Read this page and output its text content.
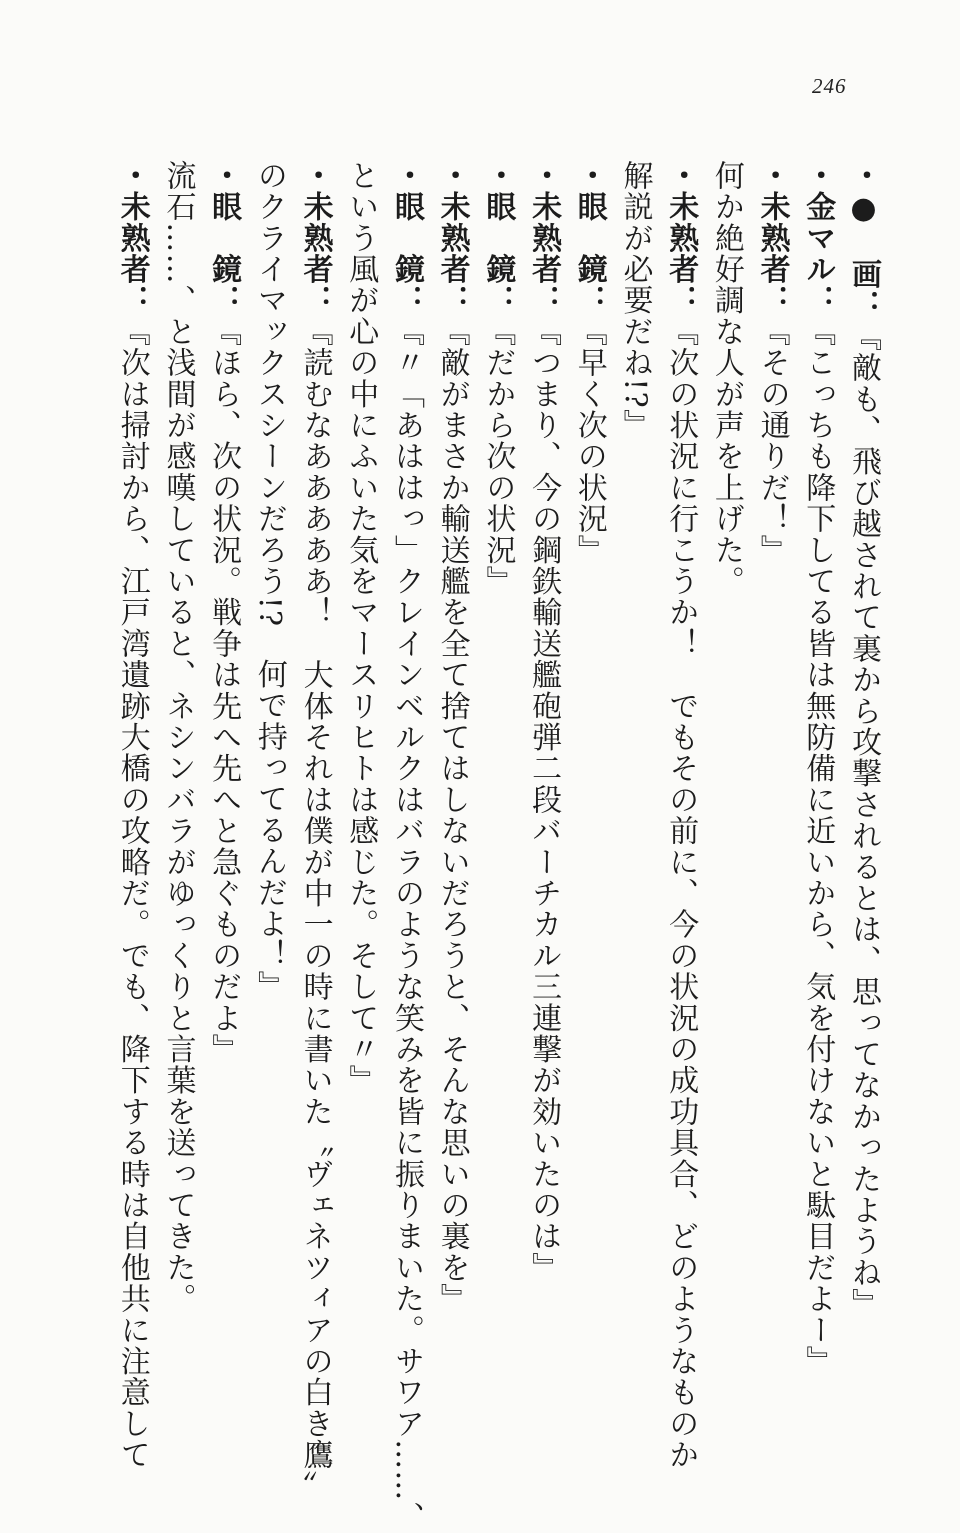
246
・●　画：『敵も、飛び越されて裏から攻撃されるとは、思ってなかったようね』
・金マル：『こっちも降下してる皆は無防備に近いから、気を付けないと駄目だよー』
・未熟者：『その通りだ！』
何か絶好調な人が声を上げた。
・未熟者：『次の状況に行こうか！　でもその前に、今の状況の成功具合、どのようなものか
解説が必要だね!?』
・眼　鏡：『早く次の状況』
・未熟者：『つまり、今の鋼鉄輸送艦砲弾二段バーチカル三連撃が効いたのは』
・眼　鏡：『だから次の状況』
・未熟者：『敵がまさか輸送艦を全て捨てはしないだろうと、そんな思いの裏を』
・眼　鏡：『〃「あははっ」クレインベルクはバラのような笑みを皆に振りまいた。サワア……、
という風が心の中にふいた気をマースリヒトは感じた。そして〃』
・未熟者：『読むなあああああ！　大体それは僕が中一の時に書いた〝ヴェネツィアの白き鷹〟
のクライマックスシーンだろう!?　何で持ってるんだよ！』
・眼　鏡：『ほら、次の状況。戦争は先へ先へと急ぐものだよ』
流石……、と浅間が感嘆していると、ネシンバラがゆっくりと言葉を送ってきた。
・未熟者：『次は掃討から、江戸湾遺跡大橋の攻略だ。でも、降下する時は自他共に注意して
